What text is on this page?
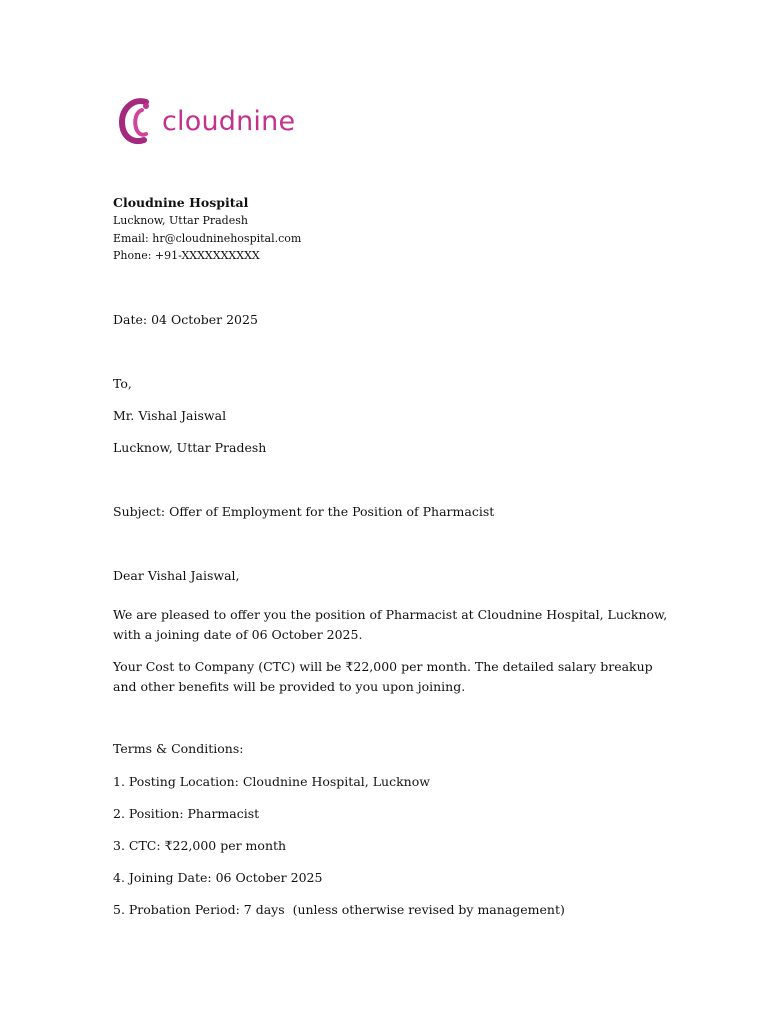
cloudnine
Cloudnine Hospital
Lucknow, Uttar Pradesh
Email: hr@cloudninehospital.com
Phone: +91-XXXXXXXXXX
Date: 04 October 2025
To,
Mr. Vishal Jaiswal
Lucknow, Uttar Pradesh
Subject: Offer of Employment for the Position of Pharmacist
Dear Vishal Jaiswal,
We are pleased to offer you the position of Pharmacist at Cloudnine Hospital, Lucknow, with a joining date of 06 October 2025.
Your Cost to Company (CTC) will be ₹22,000 per month. The detailed salary breakup and other benefits will be provided to you upon joining.
Terms & Conditions:
1. Posting Location: Cloudnine Hospital, Lucknow
2. Position: Pharmacist
3. CTC: ₹22,000 per month
4. Joining Date: 06 October 2025
5. Probation Period: 7 days  (unless otherwise revised by management)
